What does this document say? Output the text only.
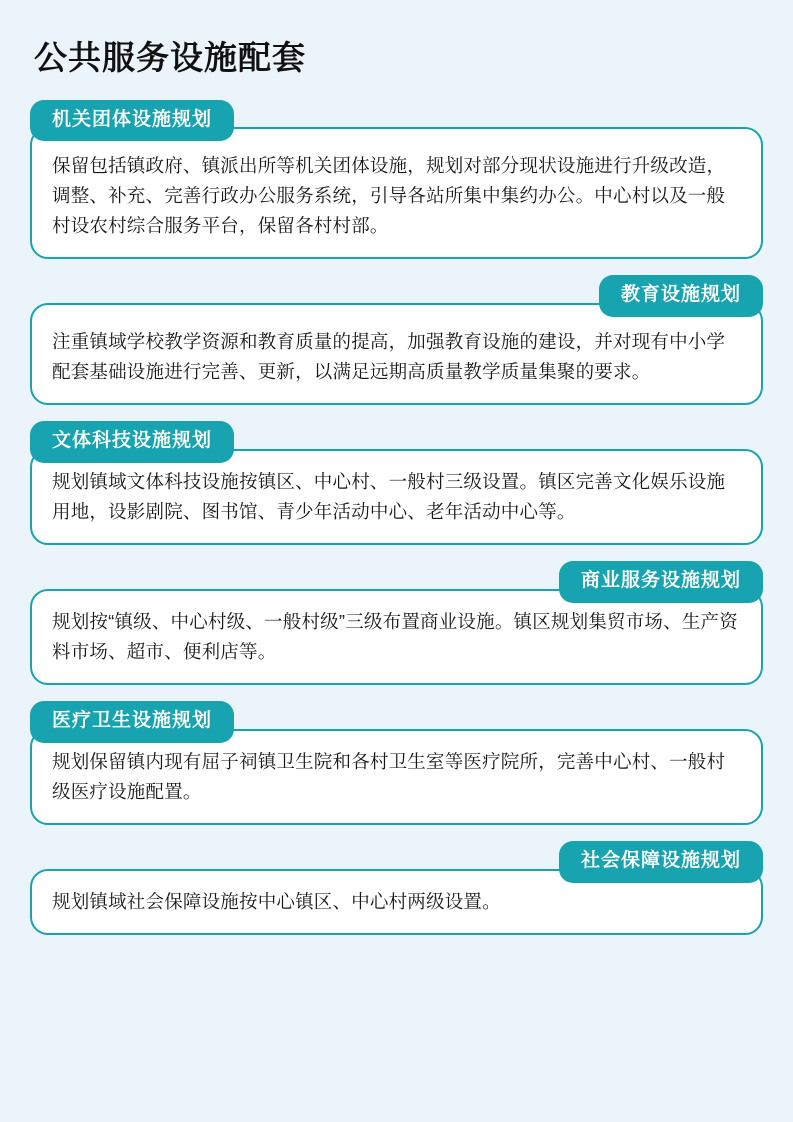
公共服务设施配套
机关团体设施规划
保留包括镇政府、镇派出所等机关团体设施，规划对部分现状设施进行升级改造，调整、补充、完善行政办公服务系统，引导各站所集中集约办公。中心村以及一般村设农村综合服务平台，保留各村村部。
教育设施规划
注重镇域学校教学资源和教育质量的提高，加强教育设施的建设，并对现有中小学配套基础设施进行完善、更新，以满足远期高质量教学质量集聚的要求。
文体科技设施规划
规划镇域文体科技设施按镇区、中心村、一般村三级设置。镇区完善文化娱乐设施用地，设影剧院、图书馆、青少年活动中心、老年活动中心等。
商业服务设施规划
规划按“镇级、中心村级、一般村级”三级布置商业设施。镇区规划集贸市场、生产资料市场、超市、便利店等。
医疗卫生设施规划
规划保留镇内现有屈子祠镇卫生院和各村卫生室等医疗院所，完善中心村、一般村级医疗设施配置。
社会保障设施规划
规划镇域社会保障设施按中心镇区、中心村两级设置。
